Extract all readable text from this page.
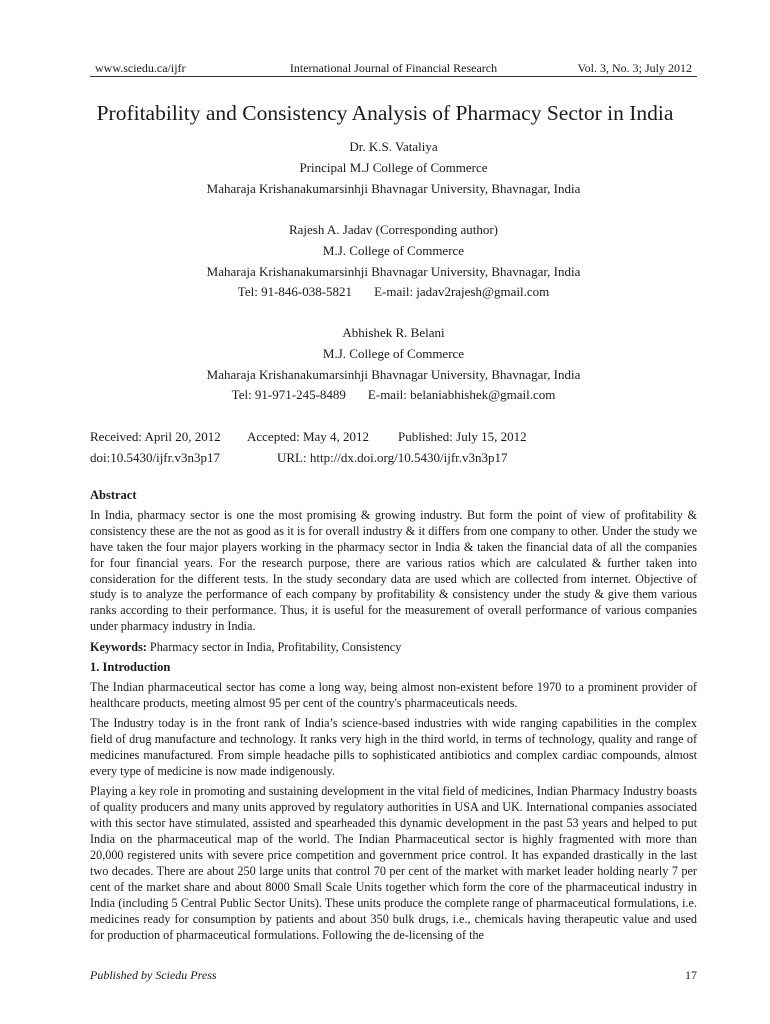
www.sciedu.ca/ijfr	International Journal of Financial Research	Vol. 3, No. 3; July 2012
Profitability and Consistency Analysis of Pharmacy Sector in India
Dr. K.S. Vataliya
Principal M.J College of Commerce
Maharaja Krishanakumarsinhji Bhavnagar University, Bhavnagar, India
Rajesh A. Jadav (Corresponding author)
M.J. College of Commerce
Maharaja Krishanakumarsinhji Bhavnagar University, Bhavnagar, India
Tel: 91-846-038-5821 E-mail: jadav2rajesh@gmail.com
Abhishek R. Belani
M.J. College of Commerce
Maharaja Krishanakumarsinhji Bhavnagar University, Bhavnagar, India
Tel: 91-971-245-8489 E-mail: belaniabhishek@gmail.com
Received: April 20, 2012 Accepted: May 4, 2012 Published: July 15, 2012
doi:10.5430/ijfr.v3n3p17	URL: http://dx.doi.org/10.5430/ijfr.v3n3p17
Abstract

In India, pharmacy sector is one the most promising & growing industry. But form the point of view of profitability & consistency these are the not as good as it is for overall industry & it differs from one company to other. Under the study we have taken the four major players working in the pharmacy sector in India & taken the financial data of all the companies for four financial years. For the research purpose, there are various ratios which are calculated & further taken into consideration for the different tests. In the study secondary data are used which are collected from internet. Objective of study is to analyze the performance of each company by profitability & consistency under the study & give them various ranks according to their performance. Thus, it is useful for the measurement of overall performance of various companies under pharmacy industry in India.

Keywords: Pharmacy sector in India, Profitability, Consistency

1. Introduction

The Indian pharmaceutical sector has come a long way, being almost non-existent before 1970 to a prominent provider of healthcare products, meeting almost 95 per cent of the country's pharmaceuticals needs.

The Industry today is in the front rank of India’s science-based industries with wide ranging capabilities in the complex field of drug manufacture and technology. It ranks very high in the third world, in terms of technology, quality and range of medicines manufactured. From simple headache pills to sophisticated antibiotics and complex cardiac compounds, almost every type of medicine is now made indigenously.

Playing a key role in promoting and sustaining development in the vital field of medicines, Indian Pharmacy Industry boasts of quality producers and many units approved by regulatory authorities in USA and UK. International companies associated with this sector have stimulated, assisted and spearheaded this dynamic development in the past 53 years and helped to put India on the pharmaceutical map of the world. The Indian Pharmaceutical sector is highly fragmented with more than 20,000 registered units with severe price competition and government price control. It has expanded drastically in the last two decades. There are about 250 large units that control 70 per cent of the market with market leader holding nearly 7 per cent of the market share and about 8000 Small Scale Units together which form the core of the pharmaceutical industry in India (including 5 Central Public Sector Units). These units produce the complete range of pharmaceutical formulations, i.e. medicines ready for consumption by patients and about 350 bulk drugs, i.e., chemicals having therapeutic value and used for production of pharmaceutical formulations. Following the de-licensing of the

Published by Sciedu Press	17
